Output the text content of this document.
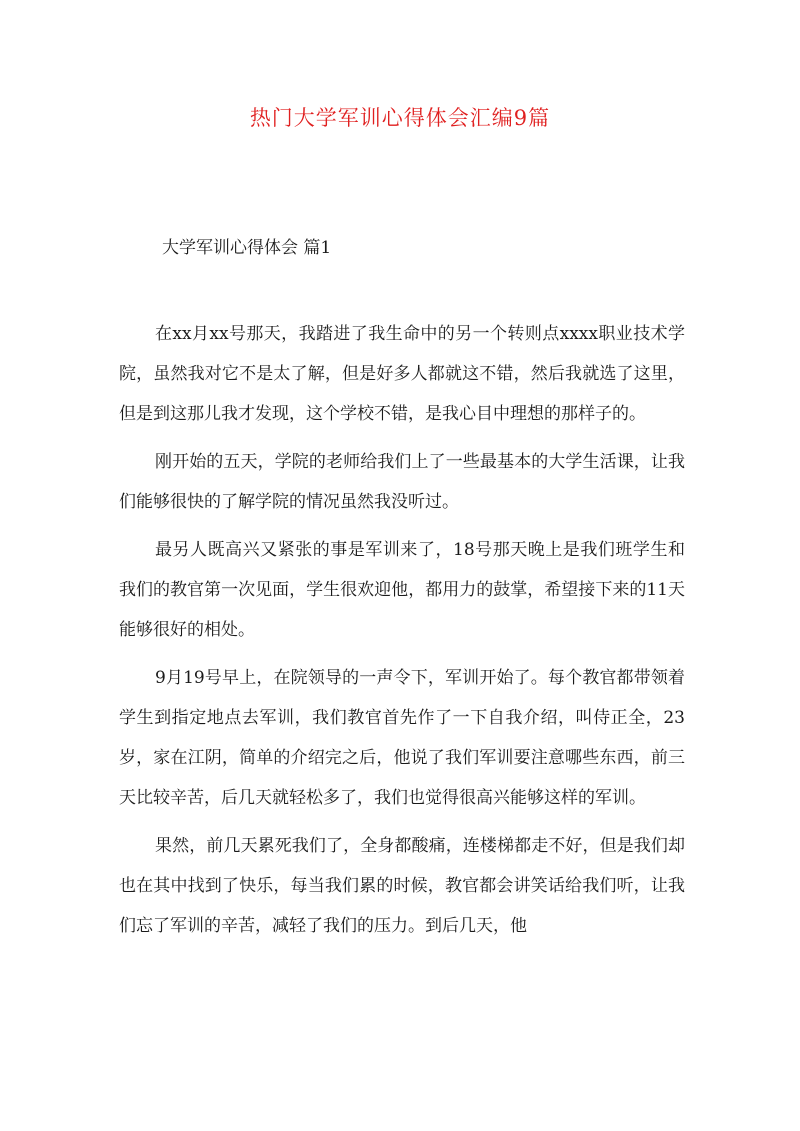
热门大学军训心得体会汇编9篇
大学军训心得体会 篇1

在xx月xx号那天，我踏进了我生命中的另一个转则点xxxx职业技术学院，虽然我对它不是太了解，但是好多人都就这不错，然后我就选了这里，但是到这那儿我才发现，这个学校不错，是我心目中理想的那样子的。

刚开始的五天，学院的老师给我们上了一些最基本的大学生活课，让我们能够很快的了解学院的情况虽然我没听过。

最另人既高兴又紧张的事是军训来了，18号那天晚上是我们班学生和我们的教官第一次见面，学生很欢迎他，都用力的鼓掌，希望接下来的11天能够很好的相处。

9月19号早上，在院领导的一声令下，军训开始了。每个教官都带领着学生到指定地点去军训，我们教官首先作了一下自我介绍，叫侍正全，23岁，家在江阴，简单的介绍完之后，他说了我们军训要注意哪些东西，前三天比较辛苦，后几天就轻松多了，我们也觉得很高兴能够这样的军训。

果然，前几天累死我们了，全身都酸痛，连楼梯都走不好，但是我们却也在其中找到了快乐，每当我们累的时候，教官都会讲笑话给我们听，让我们忘了军训的辛苦，减轻了我们的压力。到后几天，他
